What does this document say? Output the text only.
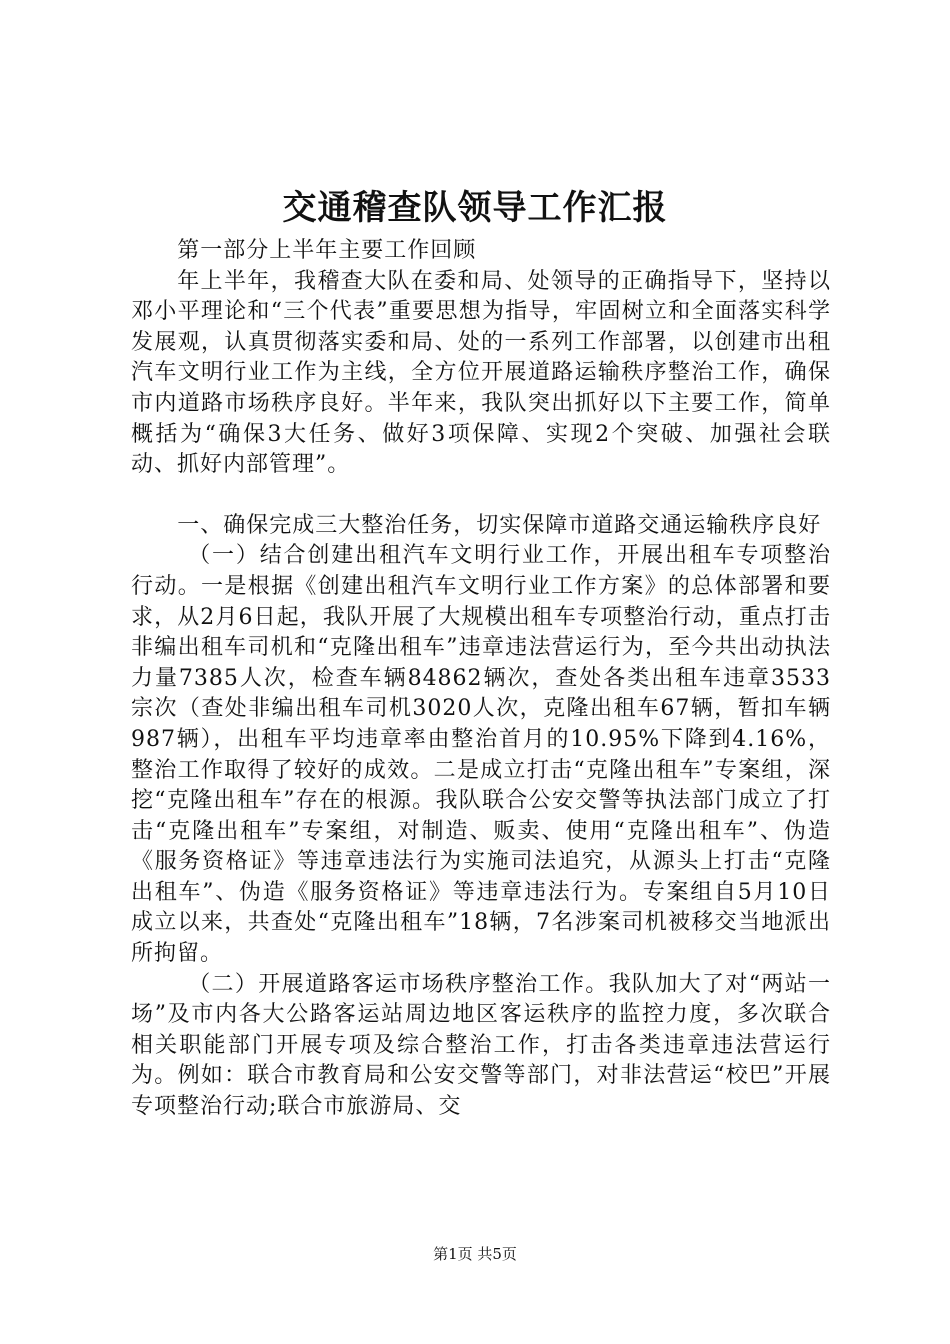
交通稽查队领导工作汇报

第一部分上半年主要工作回顾

年上半年，我稽查大队在委和局、处领导的正确指导下，坚持以邓小平理论和“三个代表”重要思想为指导，牢固树立和全面落实科学发展观，认真贯彻落实委和局、处的一系列工作部署，以创建市出租汽车文明行业工作为主线，全方位开展道路运输秩序整治工作，确保市内道路市场秩序良好。半年来，我队突出抓好以下主要工作，简单概括为“确保3大任务、做好3项保障、实现2个突破、加强社会联动、抓好内部管理”。

一、确保完成三大整治任务，切实保障市道路交通运输秩序良好

（一）结合创建出租汽车文明行业工作，开展出租车专项整治行动。一是根据《创建出租汽车文明行业工作方案》的总体部署和要求，从2月6日起，我队开展了大规模出租车专项整治行动，重点打击非编出租车司机和“克隆出租车”违章违法营运行为，至今共出动执法力量7385人次，检查车辆84862辆次，查处各类出租车违章3533宗次（查处非编出租车司机3020人次，克隆出租车67辆，暂扣车辆987辆），出租车平均违章率由整治首月的10.95%下降到4.16%，整治工作取得了较好的成效。二是成立打击“克隆出租车”专案组，深挖“克隆出租车”存在的根源。我队联合公安交警等执法部门成立了打击“克隆出租车”专案组，对制造、贩卖、使用“克隆出租车”、伪造《服务资格证》等违章违法行为实施司法追究，从源头上打击“克隆出租车”、伪造《服务资格证》等违章违法行为。专案组自5月10日成立以来，共查处“克隆出租车”18辆，7名涉案司机被移交当地派出所拘留。

（二）开展道路客运市场秩序整治工作。我队加大了对“两站一场”及市内各大公路客运站周边地区客运秩序的监控力度，多次联合相关职能部门开展专项及综合整治工作，打击各类违章违法营运行为。例如：联合市教育局和公安交警等部门，对非法营运“校巴”开展专项整治行动;联合市旅游局、交

第1页 共5页
